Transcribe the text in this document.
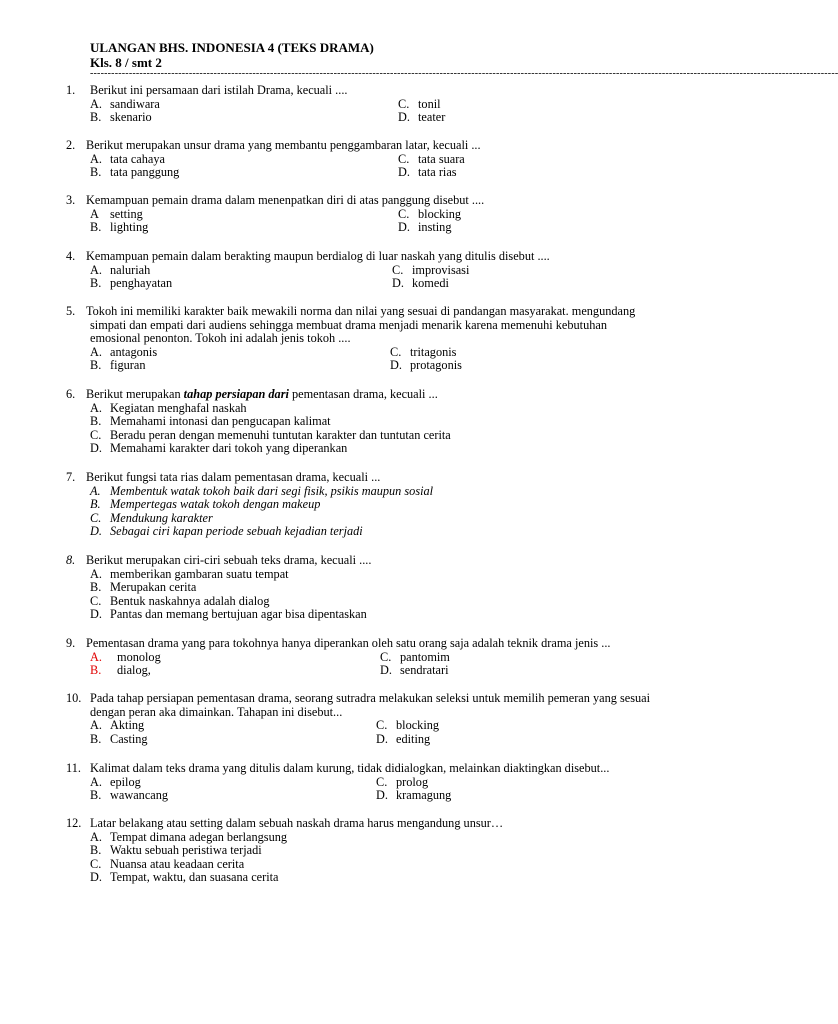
ULANGAN BHS. INDONESIA 4 (TEKS DRAMA)
Kls. 8 / smt 2
--------------------------------------------------------------------------------------------------------------------------------------------------------------------------------------------------------------------
1.	Berikut ini persamaan dari istilah Drama, kecuali ....
A. sandiwara	C. tonil
B. skenario	D. teater
2. Berikut merupakan unsur drama yang membantu penggambaran latar, kecuali ...
A. tata cahaya	C. tata suara
B. tata panggung	D. tata rias
3. Kemampuan pemain drama dalam menenpatkan diri di atas panggung disebut ....
A setting	C. blocking
B. lighting	D. insting
4. Kemampuan pemain dalam berakting maupun berdialog di luar naskah yang ditulis disebut ....
A. naluriah	C. improvisasi
B. penghayatan	D. komedi
5. Tokoh ini memiliki karakter baik mewakili norma dan nilai yang sesuai di pandangan masyarakat. mengundang
simpati dan empati dari audiens sehingga membuat drama menjadi menarik karena memenuhi kebutuhan
emosional penonton. Tokoh ini adalah jenis tokoh ....
A. antagonis	C. tritagonis
B. figuran	D. protagonis
6. Berikut merupakan tahap persiapan dari pementasan drama, kecuali ...
A. Kegiatan menghafal naskah
B. Memahami intonasi dan pengucapan kalimat
C. Beradu peran dengan memenuhi tuntutan karakter dan tuntutan cerita
D. Memahami karakter dari tokoh yang diperankan
7. Berikut fungsi tata rias dalam pementasan drama, kecuali ...
A. Membentuk watak tokoh baik dari segi fisik, psikis maupun sosial
B. Mempertegas watak tokoh dengan makeup
C. Mendukung karakter
D. Sebagai ciri kapan periode sebuah kejadian terjadi
8. Berikut merupakan ciri-ciri sebuah teks drama, kecuali ....
A. memberikan gambaran suatu tempat
B. Merupakan cerita
C. Bentuk naskahnya adalah dialog
D. Pantas dan memang bertujuan agar bisa dipentaskan
9. Pementasan drama yang para tokohnya hanya diperankan oleh satu orang saja adalah teknik drama jenis ...
A. monolog	C. pantomim
B. dialog,	D. sendratari
10. Pada tahap persiapan pementasan drama, seorang sutradra melakukan seleksi untuk memilih pemeran yang sesuai
dengan peran aka dimainkan. Tahapan ini disebut...
A. Akting	C. blocking
B. Casting	D. editing
11. Kalimat dalam teks drama yang ditulis dalam kurung, tidak didialogkan, melainkan diaktingkan disebut...
A. epilog	C. prolog
B. wawancang	D. kramagung
12. Latar belakang atau setting dalam sebuah naskah drama harus mengandung unsur…
A. Tempat dimana adegan berlangsung
B. Waktu sebuah peristiwa terjadi
C. Nuansa atau keadaan cerita
D. Tempat, waktu, dan suasana cerita
